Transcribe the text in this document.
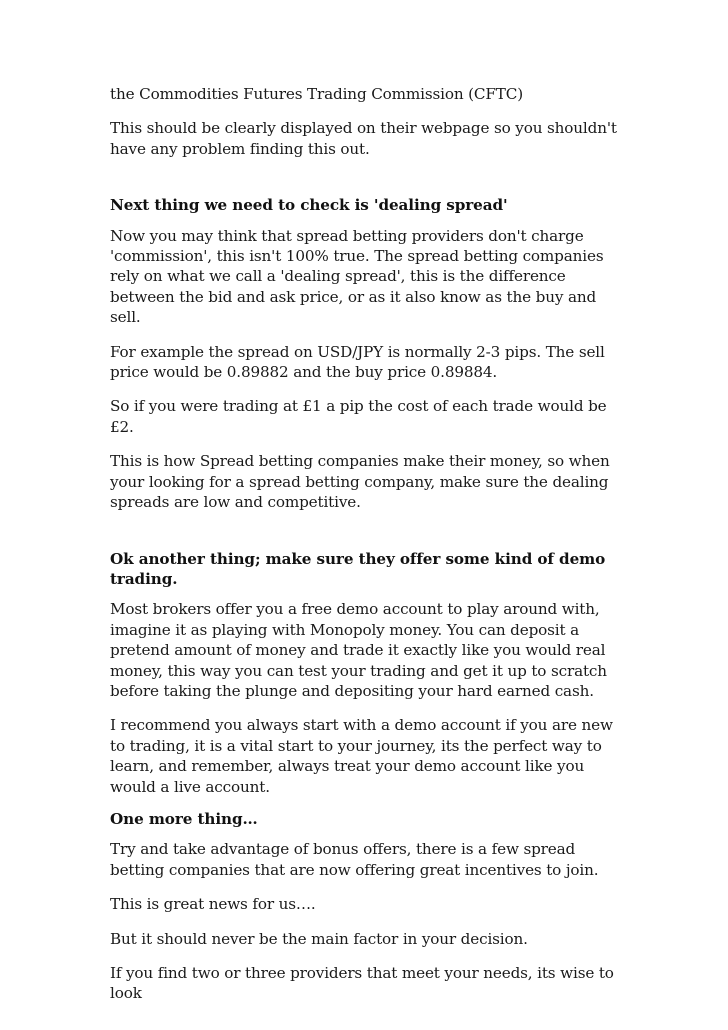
the Commodities Futures Trading Commission (CFTC)

This should be clearly displayed on their webpage so you shouldn't have any problem finding this out.

Next thing we need to check is 'dealing spread'

Now you may think that spread betting providers don't charge 'commission', this isn't 100% true. The spread betting companies rely on what we call a 'dealing spread', this is the difference between the bid and ask price, or as it also know as the buy and sell.

For example the spread on USD/JPY is normally 2-3 pips. The sell price would be 0.89882 and the buy price 0.89884.

So if you were trading at £1 a pip the cost of each trade would be £2.

This is how Spread betting companies make their money, so when your looking for a spread betting company, make sure the dealing spreads are low and competitive.

Ok another thing; make sure they offer some kind of demo trading.

Most brokers offer you a free demo account to play around with, imagine it as playing with Monopoly money. You can deposit a pretend amount of money and trade it exactly like you would real money, this way you can test your trading and get it up to scratch before taking the plunge and depositing your hard earned cash.

I recommend you always start with a demo account if you are new to trading, it is a vital start to your journey, its the perfect way to learn, and remember, always treat your demo account like you would a live account.

One more thing…

Try and take advantage of bonus offers, there is a few spread betting companies that are now offering great incentives to join.

This is great news for us….

But it should never be the main factor in your decision.

If you find two or three providers that meet your needs, its wise to look
